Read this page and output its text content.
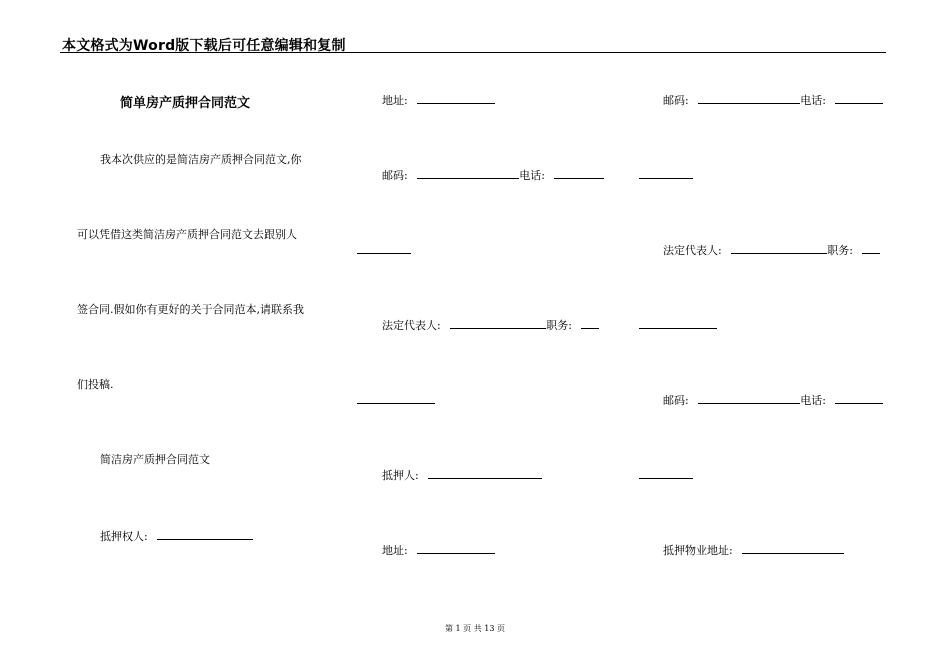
本文格式为Word版下载后可任意编辑和复制
简单房产质押合同范文
我本次供应的是简洁房产质押合同范文,你
可以凭借这类简洁房产质押合同范文去跟别人
签合同.假如你有更好的关于合同范本,请联系我
们投稿.
简洁房产质押合同范文
抵押权人:
地址:
邮码:	电话:
法定代表人:	职务:
抵押人:
地址:
邮码:	电话:
法定代表人:	职务:
邮码:	电话:
抵押物业地址:
第 1 页 共 13 页
